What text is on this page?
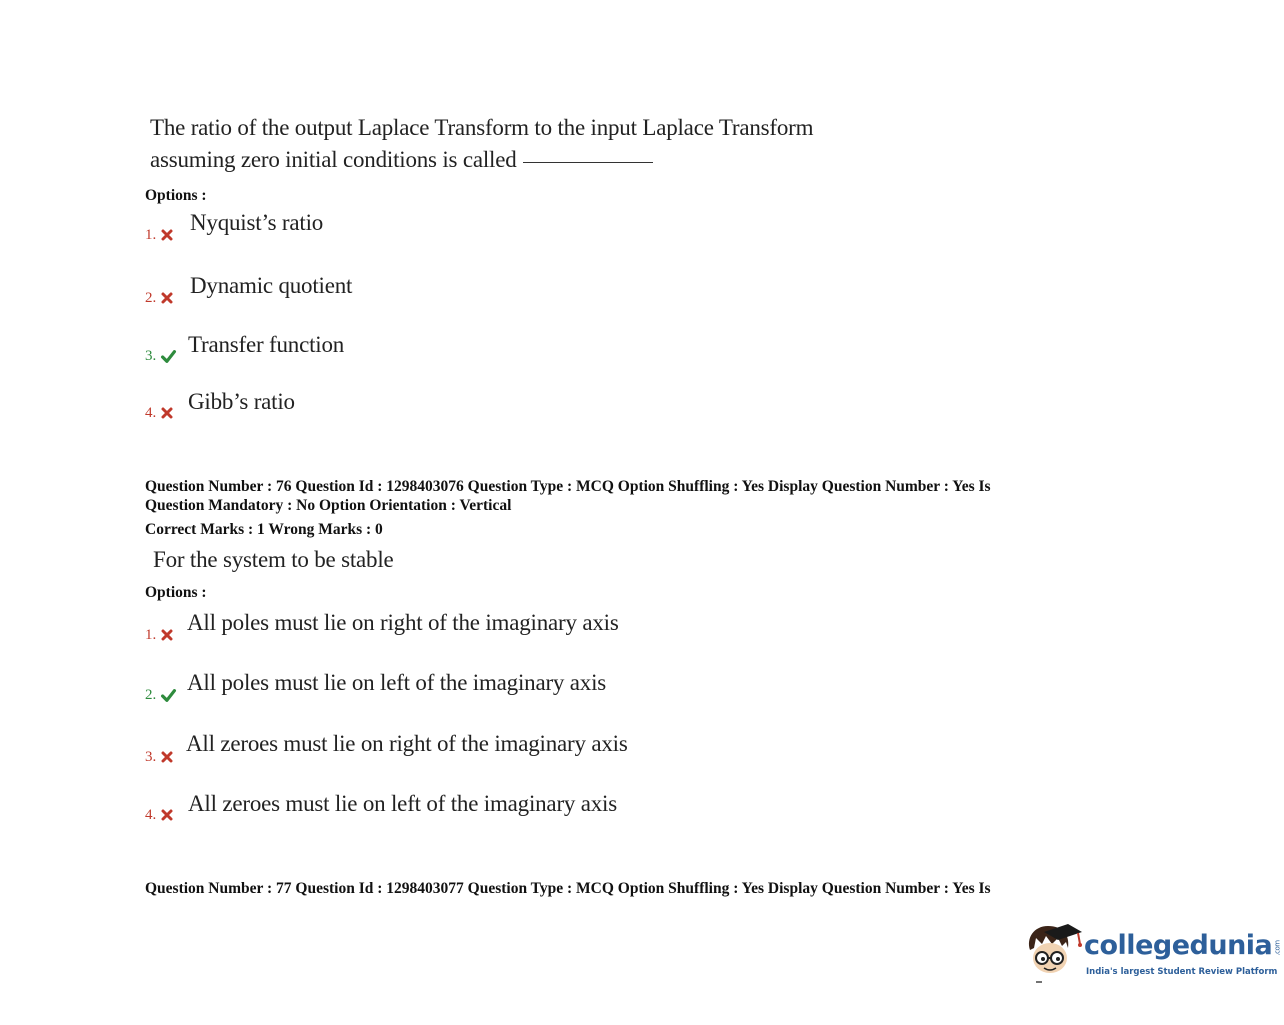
The ratio of the output Laplace Transform to the input Laplace Transform
assuming zero initial conditions is called
Options :
1.	Nyquist’s ratio
2.	Dynamic quotient
3.	Transfer function
4.	Gibb’s ratio
Question Number : 76 Question Id : 1298403076 Question Type : MCQ Option Shuffling : Yes Display Question Number : Yes Is
Question Mandatory : No Option Orientation : Vertical
Correct Marks : 1 Wrong Marks : 0
For the system to be stable
Options :
1.	All poles must lie on right of the imaginary axis
2.	All poles must lie on left of the imaginary axis
3.
All zeroes must lie on right of the imaginary axis
4.	All zeroes must lie on left of the imaginary axis
Question Number : 77 Question Id : 1298403077 Question Type : MCQ Option Shuffling : Yes Display Question Number : Yes Is
collegedunia .com
India's largest Student Review Platform
